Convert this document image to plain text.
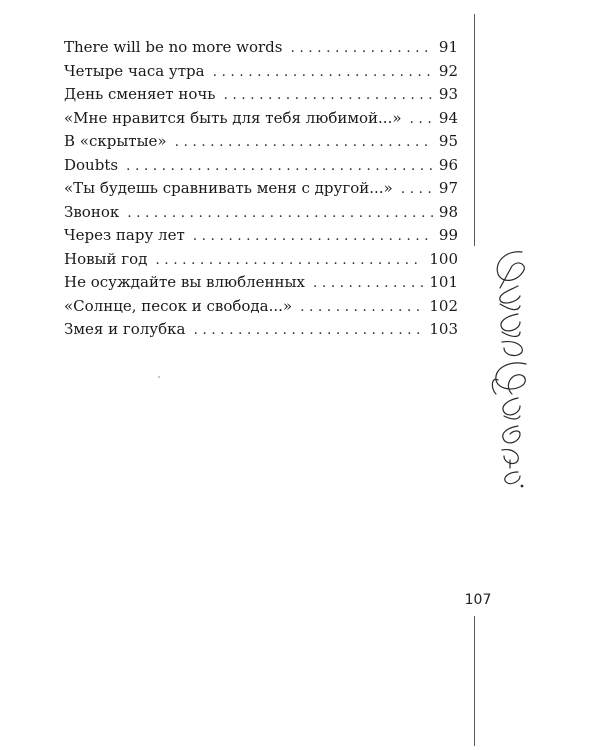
There will be no more words . . .	91
Четыре часа утра . . .	92
День сменяет ночь . . .	93
«Мне нравится быть для тебя любимой...» . . .	94
В «скрытые» . . .	95
Doubts . . .	96
«Ты будешь сравнивать меня с другой...» . . .	97
Звонок . . .	98
Через пару лет . . .	99
Новый год . . .	100
Не осуждайте вы влюбленных . . .	101
«Солнце, песок и свобода...» . . .	102
Змея и голубка . . .	103
107
